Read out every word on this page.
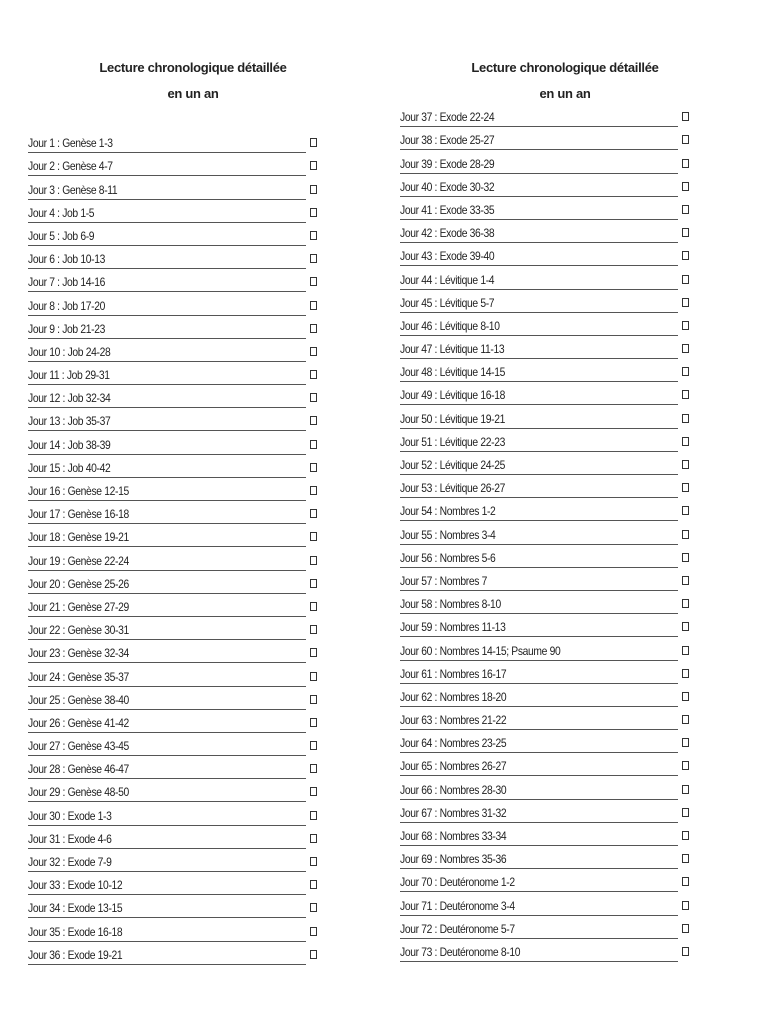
Lecture chronologique détaillée
en un an
Jour 1 : Genèse 1-3
Jour 2 : Genèse 4-7
Jour 3 : Genèse 8-11
Jour 4 : Job 1-5
Jour 5 : Job 6-9
Jour 6 : Job 10-13
Jour 7 : Job 14-16
Jour 8 : Job 17-20
Jour 9 : Job 21-23
Jour 10 : Job 24-28
Jour 11 : Job 29-31
Jour 12 : Job 32-34
Jour 13 : Job 35-37
Jour 14 : Job 38-39
Jour 15 : Job 40-42
Jour 16 : Genèse 12-15
Jour 17 : Genèse 16-18
Jour 18 : Genèse 19-21
Jour 19 : Genèse 22-24
Jour 20 : Genèse 25-26
Jour 21 : Genèse 27-29
Jour 22 : Genèse 30-31
Jour 23 : Genèse 32-34
Jour 24 : Genèse 35-37
Jour 25 : Genèse 38-40
Jour 26 : Genèse 41-42
Jour 27 : Genèse 43-45
Jour 28 : Genèse 46-47
Jour 29 : Genèse 48-50
Jour 30 : Exode 1-3
Jour 31 : Exode 4-6
Jour 32 : Exode 7-9
Jour 33 : Exode 10-12
Jour 34 : Exode 13-15
Jour 35 : Exode 16-18
Jour 36 : Exode 19-21
Lecture chronologique détaillée
en un an
Jour 37 : Exode 22-24
Jour 38 : Exode 25-27
Jour 39 : Exode 28-29
Jour 40 : Exode 30-32
Jour 41 : Exode 33-35
Jour 42 : Exode 36-38
Jour 43 : Exode 39-40
Jour 44 : Lévitique 1-4
Jour 45 : Lévitique 5-7
Jour 46 : Lévitique 8-10
Jour 47 : Lévitique 11-13
Jour 48 : Lévitique 14-15
Jour 49 : Lévitique 16-18
Jour 50 : Lévitique 19-21
Jour 51 : Lévitique 22-23
Jour 52 : Lévitique 24-25
Jour 53 : Lévitique 26-27
Jour 54 : Nombres 1-2
Jour 55 : Nombres 3-4
Jour 56 : Nombres 5-6
Jour 57 : Nombres 7
Jour 58 : Nombres 8-10
Jour 59 : Nombres 11-13
Jour 60 : Nombres 14-15; Psaume 90
Jour 61 : Nombres 16-17
Jour 62 : Nombres 18-20
Jour 63 : Nombres 21-22
Jour 64 : Nombres 23-25
Jour 65 : Nombres 26-27
Jour 66 : Nombres 28-30
Jour 67 : Nombres 31-32
Jour 68 : Nombres 33-34
Jour 69 : Nombres 35-36
Jour 70 : Deutéronome 1-2
Jour 71 : Deutéronome 3-4
Jour 72 : Deutéronome 5-7
Jour 73 : Deutéronome 8-10
